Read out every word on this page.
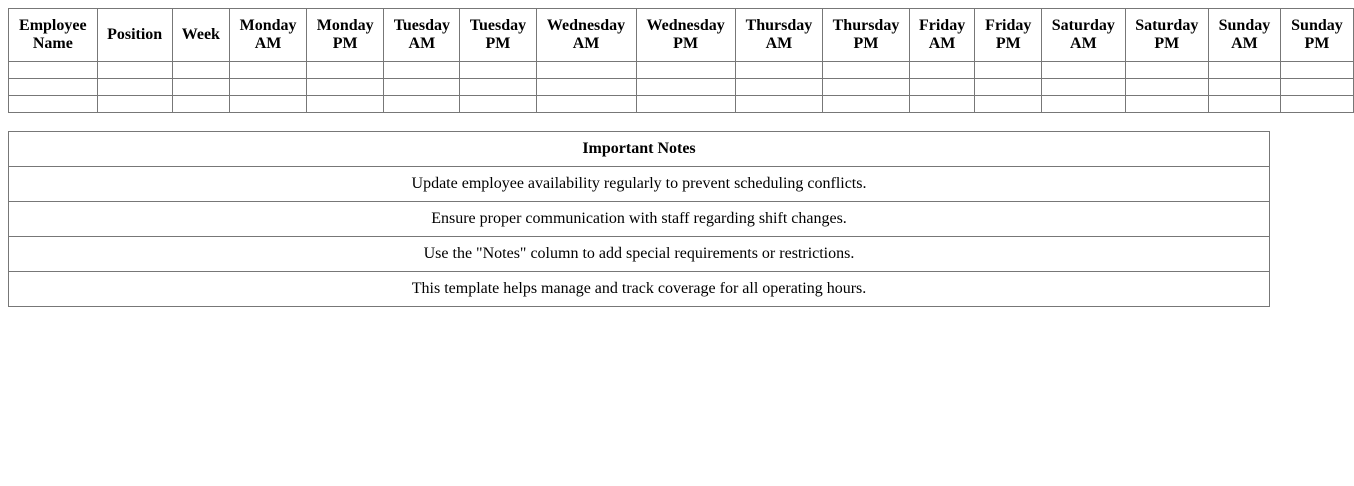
Employee Name	Position	Week	Monday AM	Monday PM	Tuesday AM	Tuesday PM	Wednesday AM	Wednesday PM	Thursday AM	Thursday PM	Friday AM	Friday PM	Saturday AM	Saturday PM	Sunday AM	Sunday PM

Important Notes
Update employee availability regularly to prevent scheduling conflicts.
Ensure proper communication with staff regarding shift changes.
Use the "Notes" column to add special requirements or restrictions.
This template helps manage and track coverage for all operating hours.
